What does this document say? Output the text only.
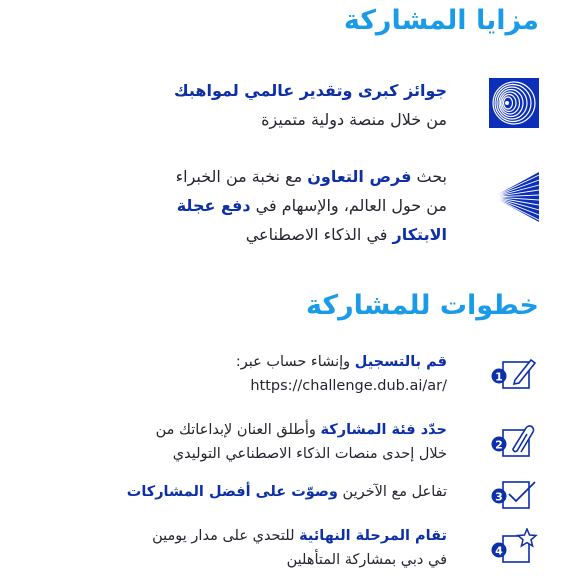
مزايا المشاركة
جوائز كبرى وتقدير عالمي لمواهبك
من خلال منصة دولية متميزة
بحث فرص التعاون مع نخبة من الخبراء
من حول العالم، والإسهام في دفع عجلة
الابتكار في الذكاء الاصطناعي
خطوات للمشاركة
1
قم بالتسجيل وإنشاء حساب عبر:
https://challenge.dub.ai/ar/
2
حدّد فئة المشاركة وأطلق العنان لإبداعاتك من
خلال إحدى منصات الذكاء الاصطناعي التوليدي
3
تفاعل مع الآخرين وصوّت على أفضل المشاركات
4
تقام المرحلة النهائية للتحدي على مدار يومين
في دبي بمشاركة المتأهلين
